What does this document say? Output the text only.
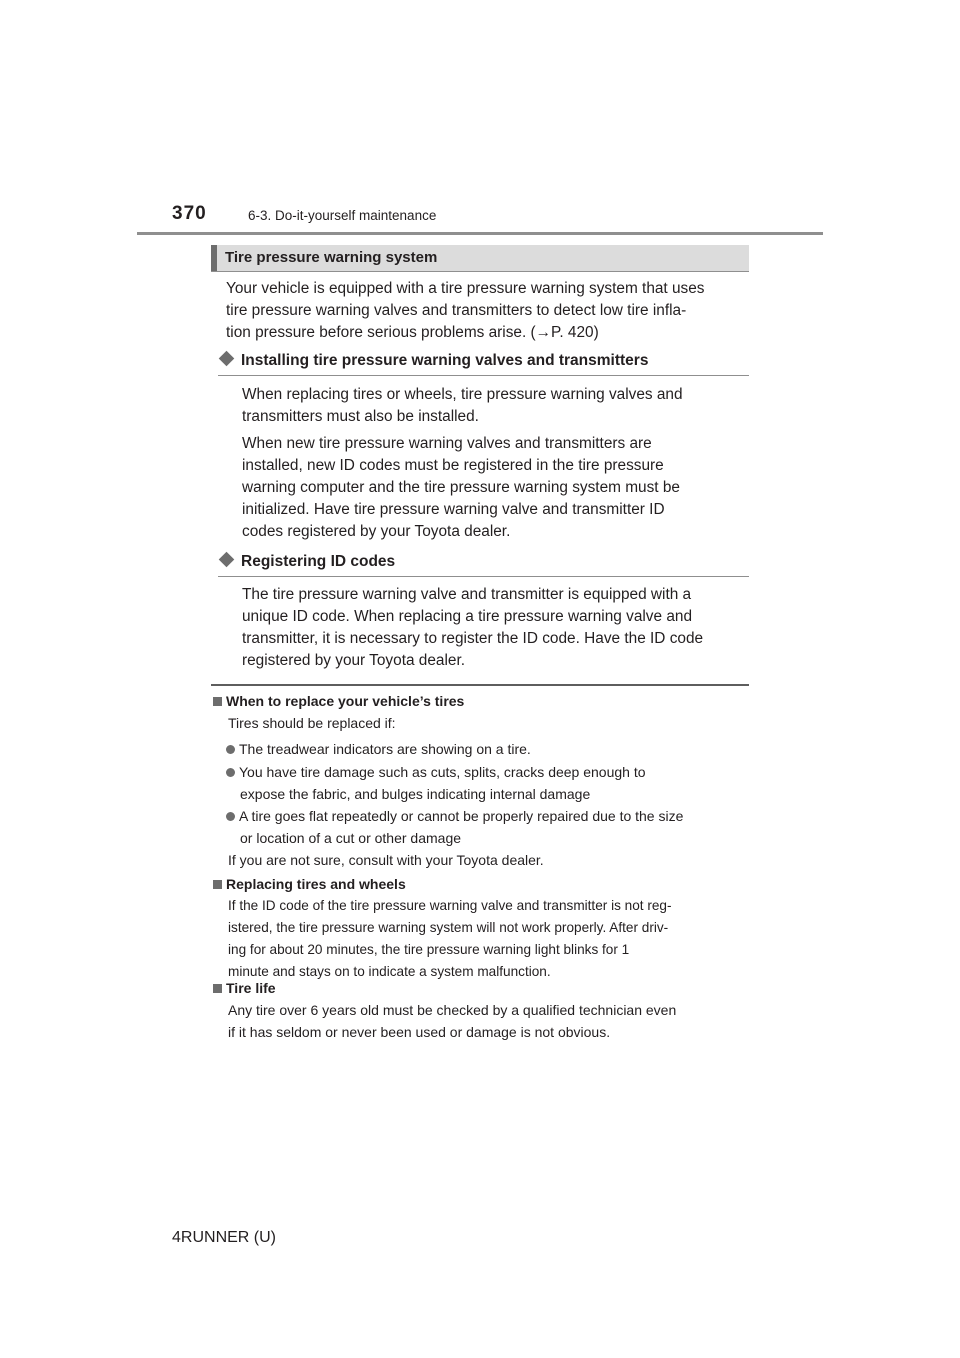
370	6-3. Do-it-yourself maintenance
Tire pressure warning system
Your vehicle is equipped with a tire pressure warning system that uses
tire pressure warning valves and transmitters to detect low tire infla-
tion pressure before serious problems arise. (→P. 420)
Installing tire pressure warning valves and transmitters
When replacing tires or wheels, tire pressure warning valves and
transmitters must also be installed.
When new tire pressure warning valves and transmitters are
installed, new ID codes must be registered in the tire pressure
warning computer and the tire pressure warning system must be
initialized. Have tire pressure warning valve and transmitter ID
codes registered by your Toyota dealer.
Registering ID codes
The tire pressure warning valve and transmitter is equipped with a
unique ID code. When replacing a tire pressure warning valve and
transmitter, it is necessary to register the ID code. Have the ID code
registered by your Toyota dealer.
When to replace your vehicle’s tires
Tires should be replaced if:
The treadwear indicators are showing on a tire.
You have tire damage such as cuts, splits, cracks deep enough to
expose the fabric, and bulges indicating internal damage
A tire goes flat repeatedly or cannot be properly repaired due to the size
or location of a cut or other damage
If you are not sure, consult with your Toyota dealer.
Replacing tires and wheels
If the ID code of the tire pressure warning valve and transmitter is not reg-
istered, the tire pressure warning system will not work properly. After driv-
ing for about 20 minutes, the tire pressure warning light blinks for 1
minute and stays on to indicate a system malfunction.
Tire life
Any tire over 6 years old must be checked by a qualified technician even
if it has seldom or never been used or damage is not obvious.
4RUNNER (U)
